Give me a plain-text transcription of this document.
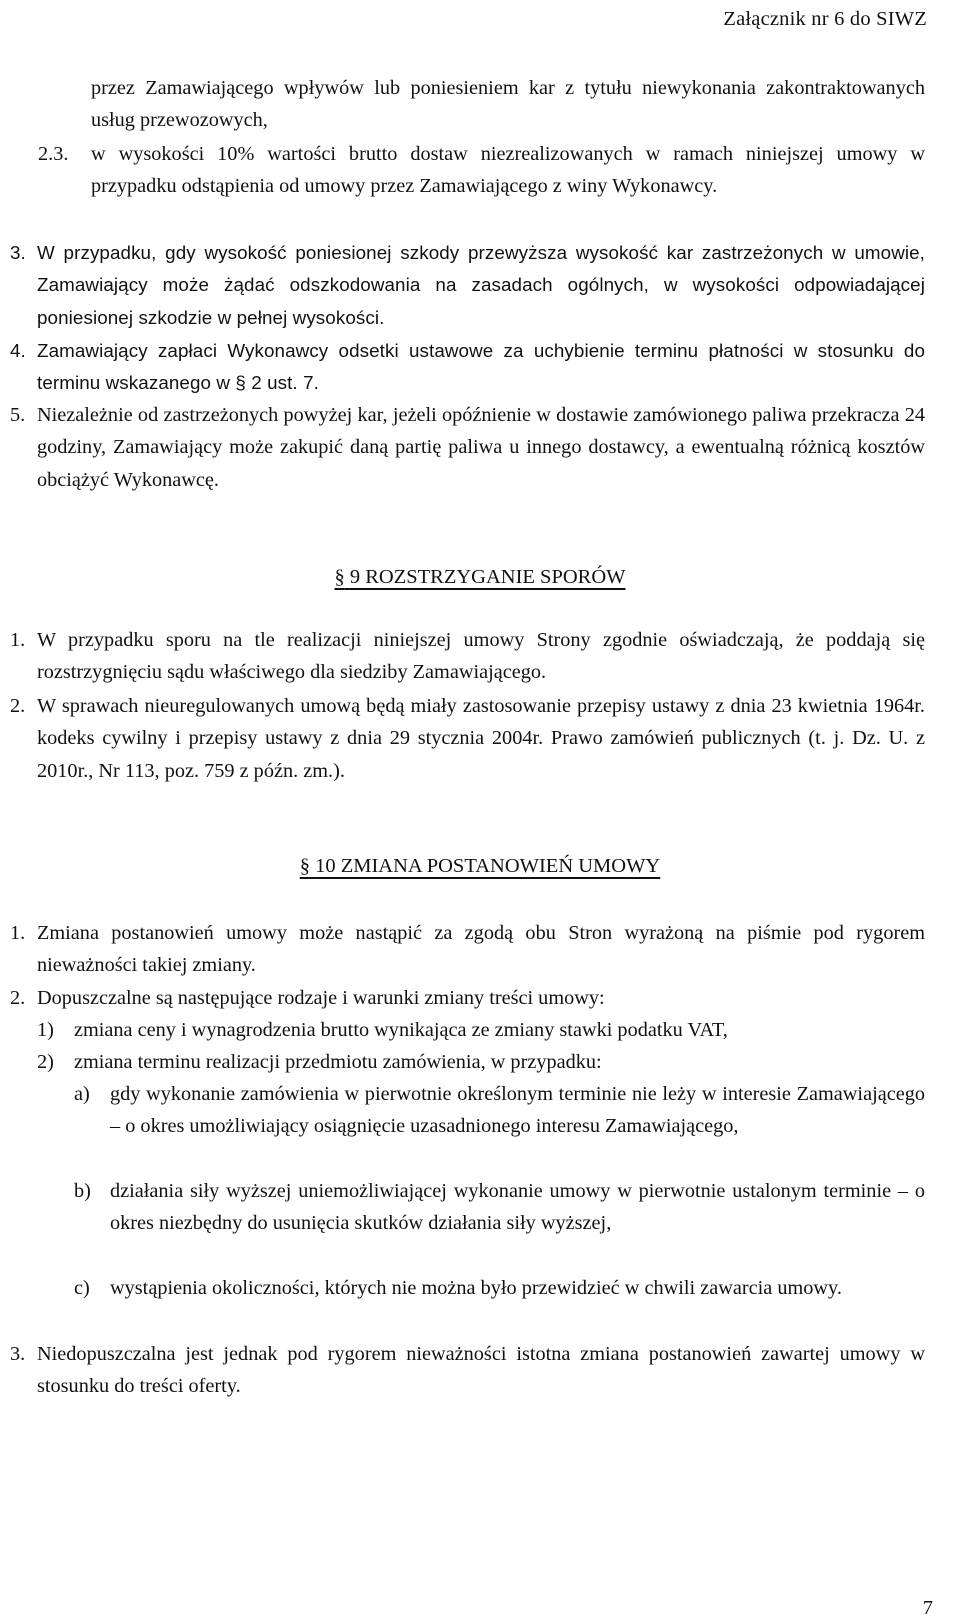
Załącznik nr 6 do SIWZ
przez Zamawiającego wpływów lub poniesieniem kar z tytułu niewykonania zakontraktowanych usług przewozowych,
2.3. w wysokości 10% wartości brutto dostaw niezrealizowanych w ramach niniejszej umowy w przypadku odstąpienia od umowy przez Zamawiającego z winy Wykonawcy.
3. W przypadku, gdy wysokość poniesionej szkody przewyższa wysokość kar zastrzeżonych w umowie, Zamawiający może żądać odszkodowania na zasadach ogólnych, w wysokości odpowiadającej poniesionej szkodzie w pełnej wysokości.
4. Zamawiający zapłaci Wykonawcy odsetki ustawowe za uchybienie terminu płatności w stosunku do terminu wskazanego w § 2 ust. 7.
5. Niezależnie od zastrzeżonych powyżej kar, jeżeli opóźnienie w dostawie zamówionego paliwa przekracza 24 godziny, Zamawiający może zakupić daną partię paliwa u innego dostawcy, a ewentualną różnicą kosztów obciążyć Wykonawcę.
§ 9 ROZSTRZYGANIE SPORÓW
1. W przypadku sporu na tle realizacji niniejszej umowy Strony zgodnie oświadczają, że poddają się rozstrzygnięciu sądu właściwego dla siedziby Zamawiającego.
2. W sprawach nieuregulowanych umową będą miały zastosowanie przepisy ustawy z dnia 23 kwietnia 1964r. kodeks cywilny i przepisy ustawy z dnia 29 stycznia 2004r. Prawo zamówień publicznych (t. j. Dz. U. z 2010r., Nr 113, poz. 759 z późn. zm.).
§ 10 ZMIANA POSTANOWIEŃ UMOWY
1. Zmiana postanowień umowy może nastąpić za zgodą obu Stron wyrażoną na piśmie pod rygorem nieważności takiej zmiany.
2. Dopuszczalne są następujące rodzaje i warunki zmiany treści umowy:
1) zmiana ceny i wynagrodzenia brutto wynikająca ze zmiany stawki podatku VAT,
2) zmiana terminu realizacji przedmiotu zamówienia, w przypadku:
a) gdy wykonanie zamówienia w pierwotnie określonym terminie nie leży w interesie Zamawiającego – o okres umożliwiający osiągnięcie uzasadnionego interesu Zamawiającego,
b) działania siły wyższej uniemożliwiającej wykonanie umowy w pierwotnie ustalonym terminie – o okres niezbędny do usunięcia skutków działania siły wyższej,
c) wystąpienia okoliczności, których nie można było przewidzieć w chwili zawarcia umowy.
3. Niedopuszczalna jest jednak pod rygorem nieważności istotna zmiana postanowień zawartej umowy w stosunku do treści oferty.
7
